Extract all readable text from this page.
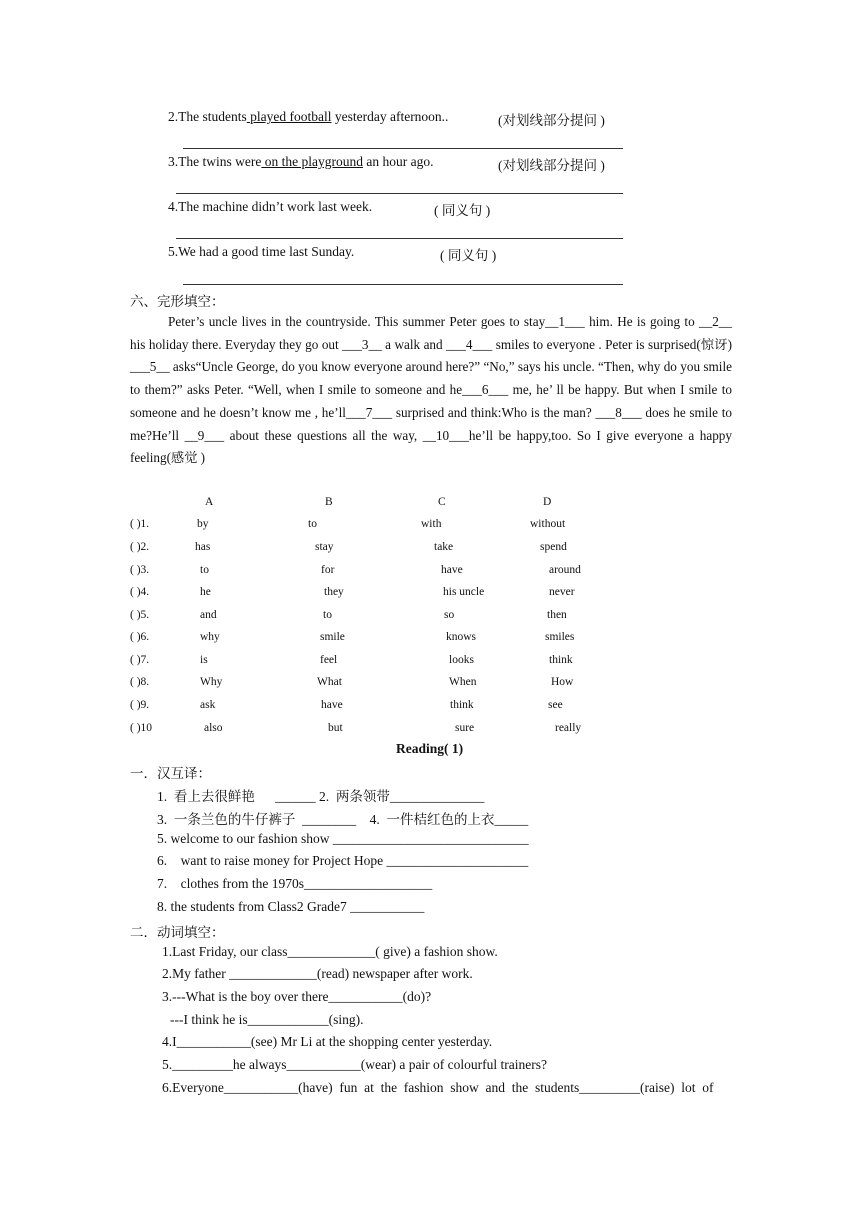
2.The students played football yesterday afternoon..	(对划线部分提问 )
3.The twins were on the playground an hour ago.	(对划线部分提问 )
4.The machine didn’t work last week.	( 同义句 )
5.We had a good time last Sunday.	( 同义句 )
六、完形填空：
Peter’s uncle lives in the countryside. This summer Peter goes to stay__1___ him. He is going to __2__ his holiday there. Everyday they go out ___3__ a walk and ___4___ smiles to everyone . Peter is surprised(惊讶) ___5__ asks“Uncle George, do you know everyone around here?” “No,” says his uncle. “Then, why do you smile to them?” asks Peter. “Well, when I smile to someone and he___6___ me, he’ ll be happy. But when I smile to someone and he doesn’t know me , he’ll___7___ surprised and think:Who is the man? ___8___ does he smile to me?He’ll __9___ about these questions all the way, __10___he’ll be happy,too. So I give everyone a happy feeling(感觉 )
A	B	C	D
( )1.	by	to	with	without
( )2.	has	stay	take	spend
( )3.	to	for	have	around
( )4.	he	they	his uncle	never
( )5.	and	to	so	then
( )6.	why	smile	knows	smiles
( )7.	is	feel	looks	think
( )8.	Why	What	When	How
( )9.	ask	have	think	see
( )10	also	but	sure	really
Reading( 1)
一．汉互译：
1.  看上去很鲜艳      ______ 2.  两条领带______________
3.  一条兰色的牛仔裤子  ________    4.  一件桔红色的上衣_____
5. welcome to our fashion show _____________________________
6.    want to raise money for Project Hope _____________________
7.    clothes from the 1970s___________________
8. the students from Class2 Grade7 ___________
二．动词填空：
1.Last Friday, our class_____________( give) a fashion show.
2.My father _____________(read) newspaper after work.
3.---What is the boy over there___________(do)?
---I think he is____________(sing).
4.I___________(see) Mr Li at the shopping center yesterday.
5._________he always___________(wear) a pair of colourful trainers?
6.Everyone___________(have)  fun  at  the  fashion  show  and  the  students_________(raise)  lot  of
